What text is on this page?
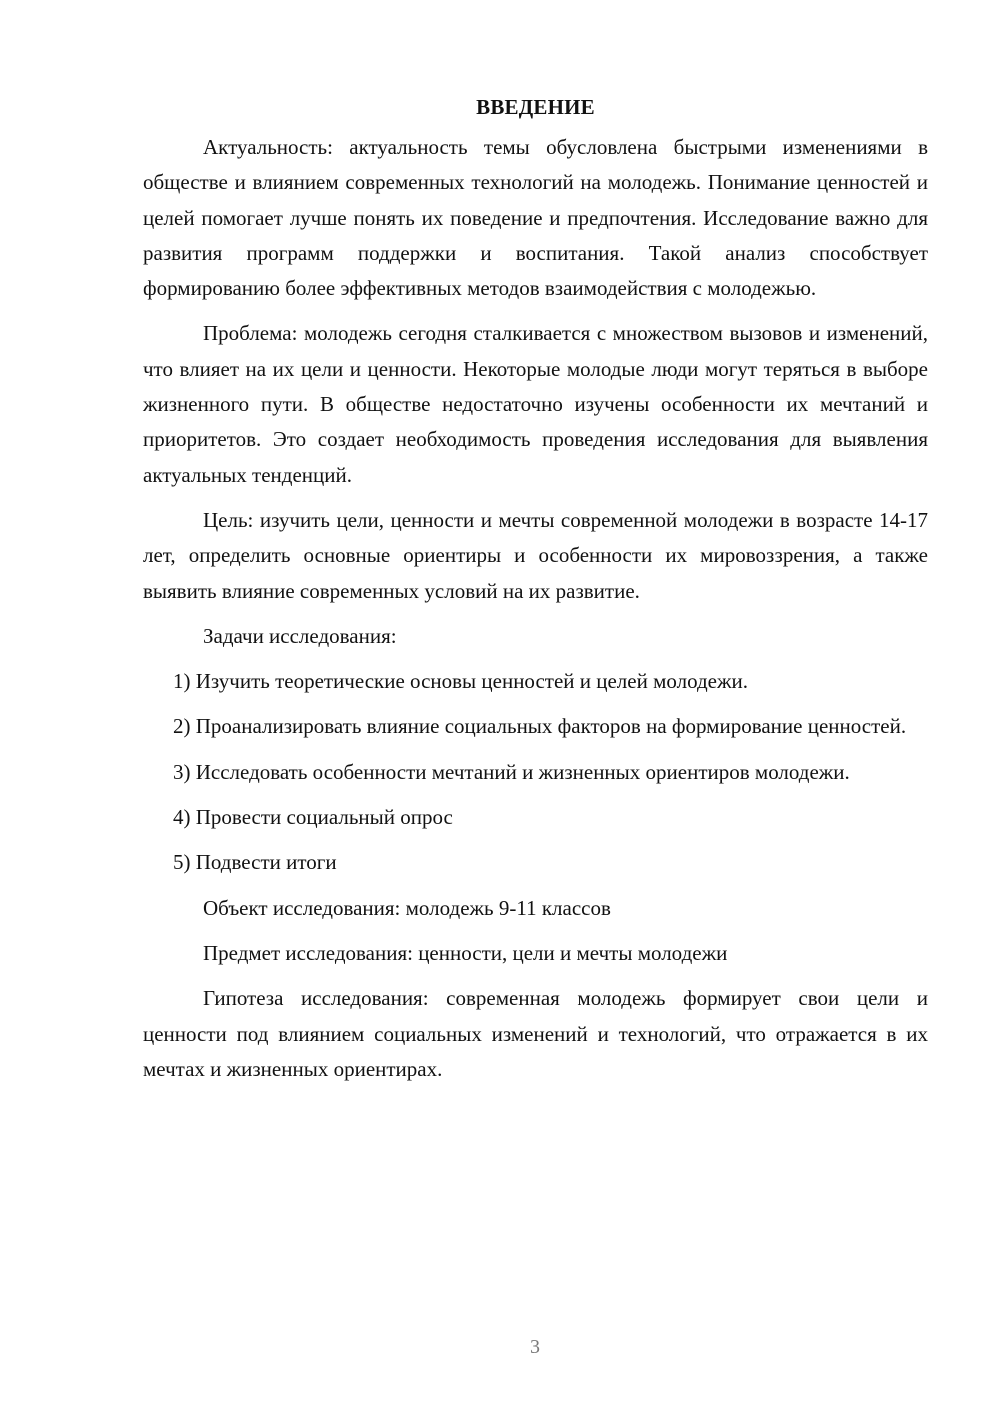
ВВЕДЕНИЕ

Актуальность: актуальность темы обусловлена быстрыми изменениями в обществе и влиянием современных технологий на молодежь. Понимание ценностей и целей помогает лучше понять их поведение и предпочтения. Исследование важно для развития программ поддержки и воспитания. Такой анализ способствует формированию более эффективных методов взаимодействия с молодежью.

Проблема: молодежь сегодня сталкивается с множеством вызовов и изменений, что влияет на их цели и ценности. Некоторые молодые люди могут теряться в выборе жизненного пути. В обществе недостаточно изучены особенности их мечтаний и приоритетов. Это создает необходимость проведения исследования для выявления актуальных тенденций.

Цель: изучить цели, ценности и мечты современной молодежи в возрасте 14-17 лет, определить основные ориентиры и особенности их мировоззрения, а также выявить влияние современных условий на их развитие.

Задачи исследования:

1) Изучить теоретические основы ценностей и целей молодежи.

2) Проанализировать влияние социальных факторов на формирование ценностей.

3) Исследовать особенности мечтаний и жизненных ориентиров молодежи.

4) Провести социальный опрос

5) Подвести итоги

Объект исследования: молодежь 9-11 классов

Предмет исследования: ценности, цели и мечты молодежи

Гипотеза исследования: современная молодежь формирует свои цели и ценности под влиянием социальных изменений и технологий, что отражается в их мечтах и жизненных ориентирах.

3
